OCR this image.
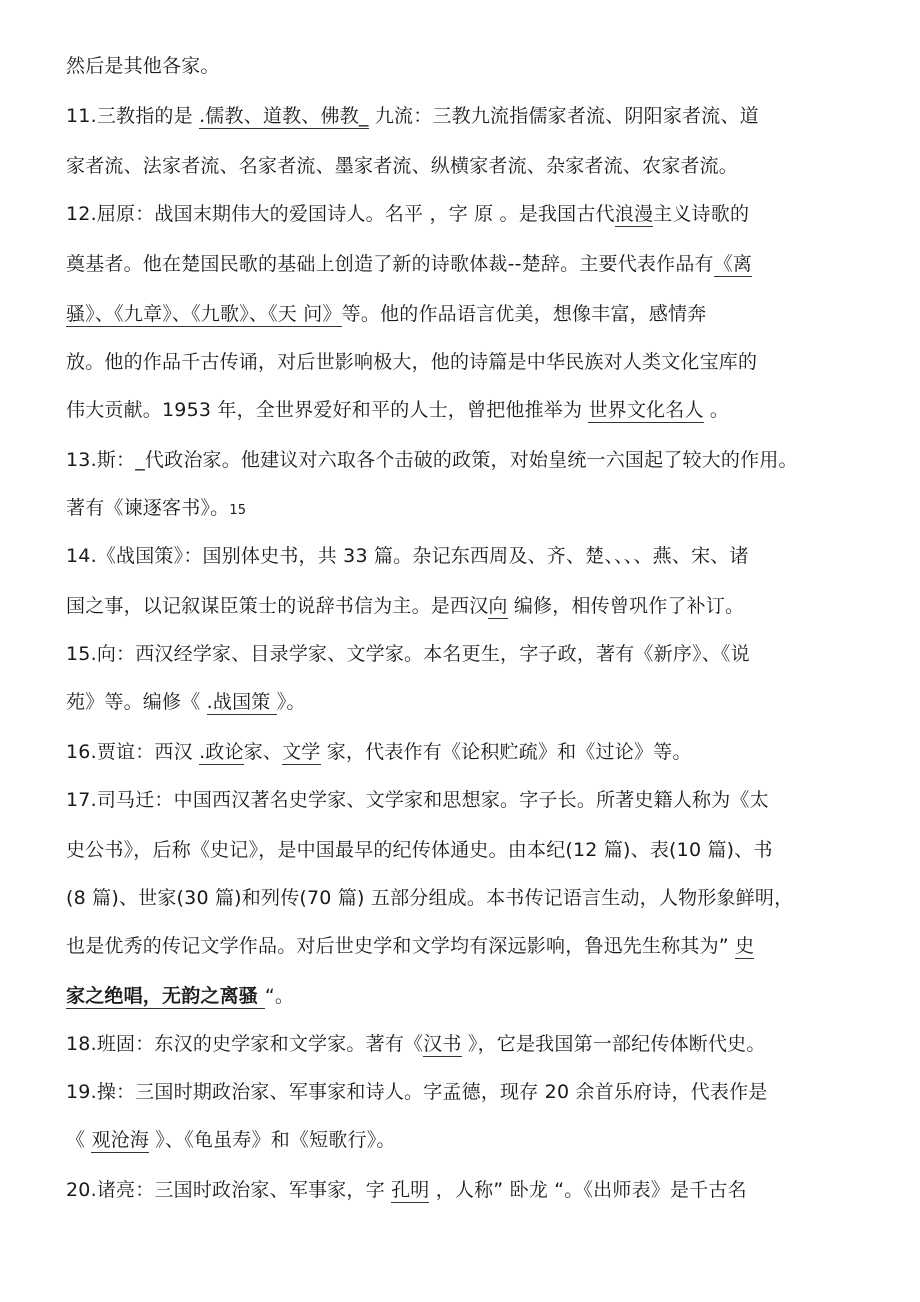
然后是其他各家。
11.三教指的是 .儒教、道教、佛教_ 九流：三教九流指儒家者流、阴阳家者流、道
家者流、法家者流、名家者流、墨家者流、纵横家者流、杂家者流、农家者流。
12.屈原：战国末期伟大的爱国诗人。名平 ，字 原 。是我国古代浪漫主义诗歌的
奠基者。他在楚国民歌的基础上创造了新的诗歌体裁--楚辞。主要代表作品有《离
骚》、《九章》、《九歌》、《天 问》等。他的作品语言优美，想像丰富，感情奔
放。他的作品千古传诵，对后世影响极大，他的诗篇是中华民族对人类文化宝库的
伟大贡献。1953 年，全世界爱好和平的人士，曾把他推举为 世界文化名人 。
13.斯：_代政治家。他建议对六取各个击破的政策，对始皇统一六国起了较大的作用。
著有《谏逐客书》。15
14.《战国策》：国别体史书，共 33 篇。杂记东西周及、齐、楚、、、、燕、宋、诸
国之事，以记叙谋臣策士的说辞书信为主。是西汉向 编修，相传曾巩作了补订。
15.向：西汉经学家、目录学家、文学家。本名更生，字子政，著有《新序》、《说
苑》等。编修《 .战国策 》。
16.贾谊：西汉 .政论家、文学 家，代表作有《论积贮疏》和《过论》等。
17.司马迁：中国西汉著名史学家、文学家和思想家。字子长。所著史籍人称为《太
史公书》，后称《史记》，是中国最早的纪传体通史。由本纪(12 篇)、表(10 篇)、书
(8 篇)、世家(30 篇)和列传(70 篇) 五部分组成。本书传记语言生动，人物形象鲜明，
也是优秀的传记文学作品。对后世史学和文学均有深远影响，鲁迅先生称其为” 史
家之绝唱，无韵之离骚 “。
18.班固：东汉的史学家和文学家。著有《汉书 》，它是我国第一部纪传体断代史。
19.操：三国时期政治家、军事家和诗人。字孟德，现存 20 余首乐府诗，代表作是
《 观沧海 》、《龟虽寿》和《短歌行》。
20.诸亮：三国时政治家、军事家，字 孔明 ，人称” 卧龙 “。《出师表》是千古名
